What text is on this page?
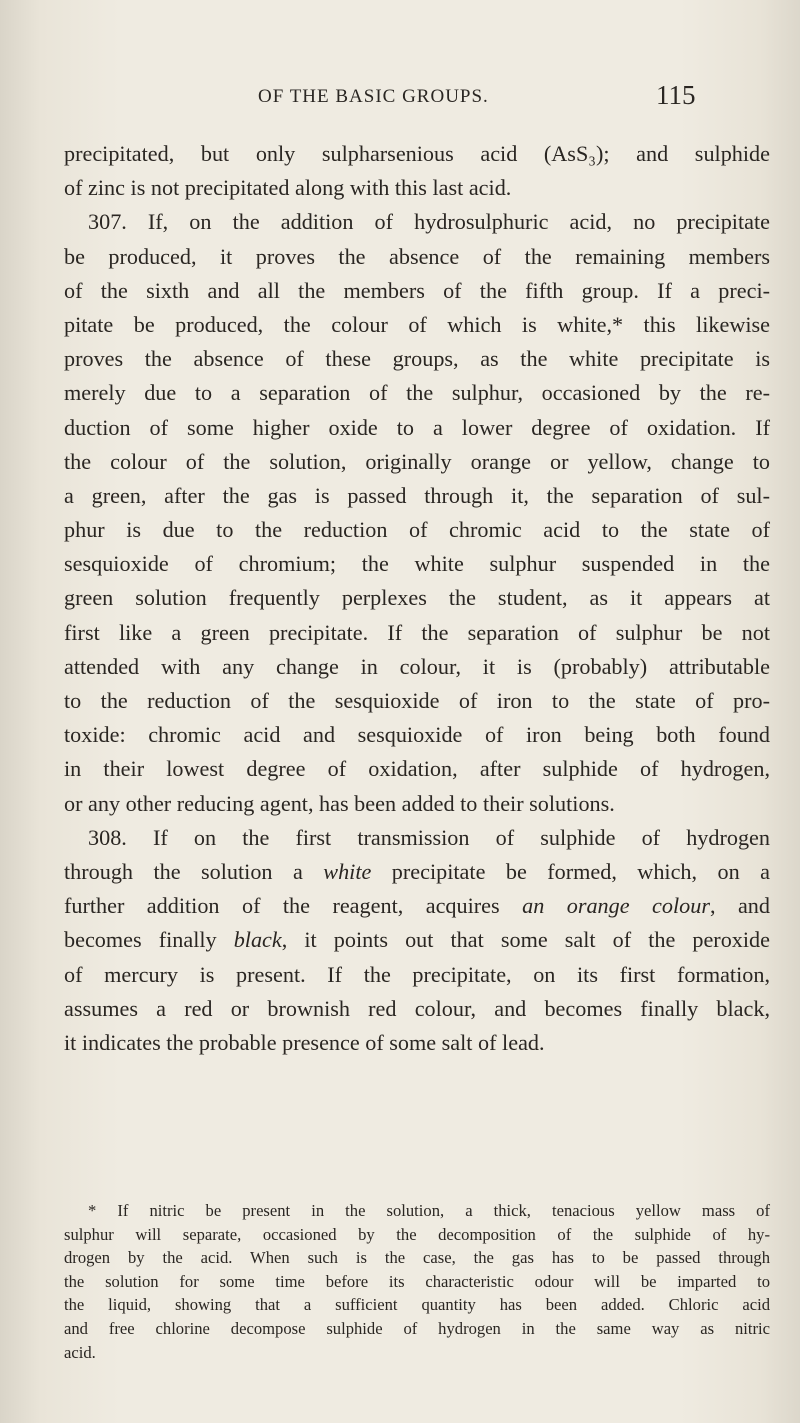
OF THE BASIC GROUPS.	115
precipitated, but only sulpharsenious acid (AsS₃); and sulphide
of zinc is not precipitated along with this last acid.
307. If, on the addition of hydrosulphuric acid, no precipitate
be produced, it proves the absence of the remaining members
of the sixth and all the members of the fifth group. If a preci-
pitate be produced, the colour of which is white,* this likewise
proves the absence of these groups, as the white precipitate is
merely due to a separation of the sulphur, occasioned by the re-
duction of some higher oxide to a lower degree of oxidation. If
the colour of the solution, originally orange or yellow, change to
a green, after the gas is passed through it, the separation of sul-
phur is due to the reduction of chromic acid to the state of
sesquioxide of chromium; the white sulphur suspended in the
green solution frequently perplexes the student, as it appears at
first like a green precipitate. If the separation of sulphur be not
attended with any change in colour, it is (probably) attributable
to the reduction of the sesquioxide of iron to the state of pro-
toxide: chromic acid and sesquioxide of iron being both found
in their lowest degree of oxidation, after sulphide of hydrogen,
or any other reducing agent, has been added to their solutions.
308. If on the first transmission of sulphide of hydrogen
through the solution a white precipitate be formed, which, on a
further addition of the reagent, acquires an orange colour, and
becomes finally black, it points out that some salt of the peroxide
of mercury is present. If the precipitate, on its first formation,
assumes a red or brownish red colour, and becomes finally black,
it indicates the probable presence of some salt of lead.
* If nitric be present in the solution, a thick, tenacious yellow mass of
sulphur will separate, occasioned by the decomposition of the sulphide of hy-
drogen by the acid. When such is the case, the gas has to be passed through
the solution for some time before its characteristic odour will be imparted to
the liquid, showing that a sufficient quantity has been added. Chloric acid
and free chlorine decompose sulphide of hydrogen in the same way as nitric
acid.
